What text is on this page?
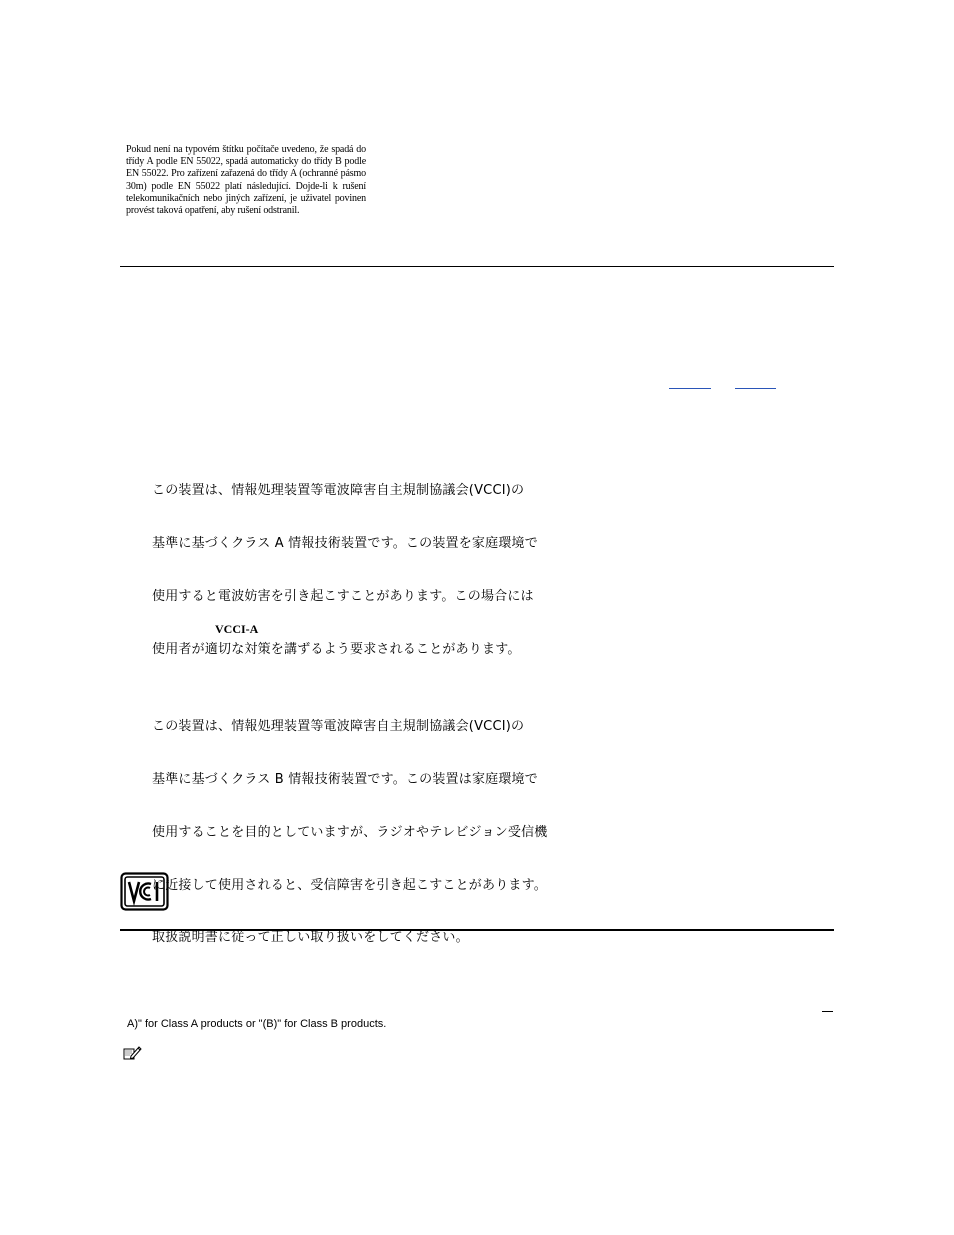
Pokud není na typovém štítku počítače uvedeno, že spadá do třídy A podle EN 55022, spadá automaticky do třídy B podle EN 55022. Pro zařízení zařazená do třídy A (ochranné pásmo 30m) podle EN 55022 platí následující. Dojde-li k rušení telekomunikačních nebo jiných zařízení, je uživatel povinen provést taková opatření, aby rušení odstranil.

この装置は、情報処理装置等電波障害自主規制協議会(VCCI)の

基準に基づくクラス A 情報技術装置です。この装置を家庭環境で

使用すると電波妨害を引き起こすことがあります。この場合には

使用者が適切な対策を講ずるよう要求されることがあります。

VCCI-A

この装置は、情報処理装置等電波障害自主規制協議会(VCCI)の

基準に基づくクラス B 情報技術装置です。この装置は家庭環境で

使用することを目的としていますが、ラジオやテレビジョン受信機

に近接して使用されると、受信障害を引き起こすことがあります。

取扱説明書に従って正しい取り扱いをしてください。

A)" for Class A products or "(B)" for Class B products.
